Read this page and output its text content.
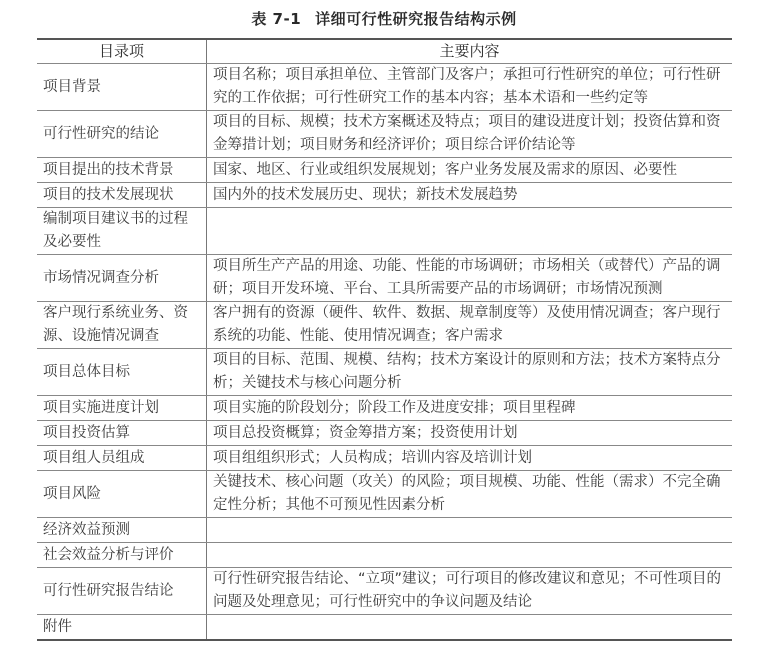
表 7-1 详细可行性研究报告结构示例
目录项	主要内容
项目背景	项目名称；项目承担单位、主管部门及客户；承担可行性研究的单位；可行性研究的工作依据；可行性研究工作的基本内容；基本术语和一些约定等
可行性研究的结论	项目的目标、规模；技术方案概述及特点；项目的建设进度计划；投资估算和资金筹措计划；项目财务和经济评价；项目综合评价结论等
项目提出的技术背景	国家、地区、行业或组织发展规划；客户业务发展及需求的原因、必要性
项目的技术发展现状	国内外的技术发展历史、现状；新技术发展趋势
编制项目建议书的过程及必要性	
市场情况调查分析	项目所生产产品的用途、功能、性能的市场调研；市场相关（或替代）产品的调研；项目开发环境、平台、工具所需要产品的市场调研；市场情况预测
客户现行系统业务、资源、设施情况调查	客户拥有的资源（硬件、软件、数据、规章制度等）及使用情况调查；客户现行系统的功能、性能、使用情况调查；客户需求
项目总体目标	项目的目标、范围、规模、结构；技术方案设计的原则和方法；技术方案特点分析；关键技术与核心问题分析
项目实施进度计划	项目实施的阶段划分；阶段工作及进度安排；项目里程碑
项目投资估算	项目总投资概算；资金筹措方案；投资使用计划
项目组人员组成	项目组组织形式；人员构成；培训内容及培训计划
项目风险	关键技术、核心问题（攻关）的风险；项目规模、功能、性能（需求）不完全确定性分析；其他不可预见性因素分析
经济效益预测	
社会效益分析与评价	
可行性研究报告结论	可行性研究报告结论、“立项”建议；可行项目的修改建议和意见；不可性项目的问题及处理意见；可行性研究中的争议问题及结论
附件	
